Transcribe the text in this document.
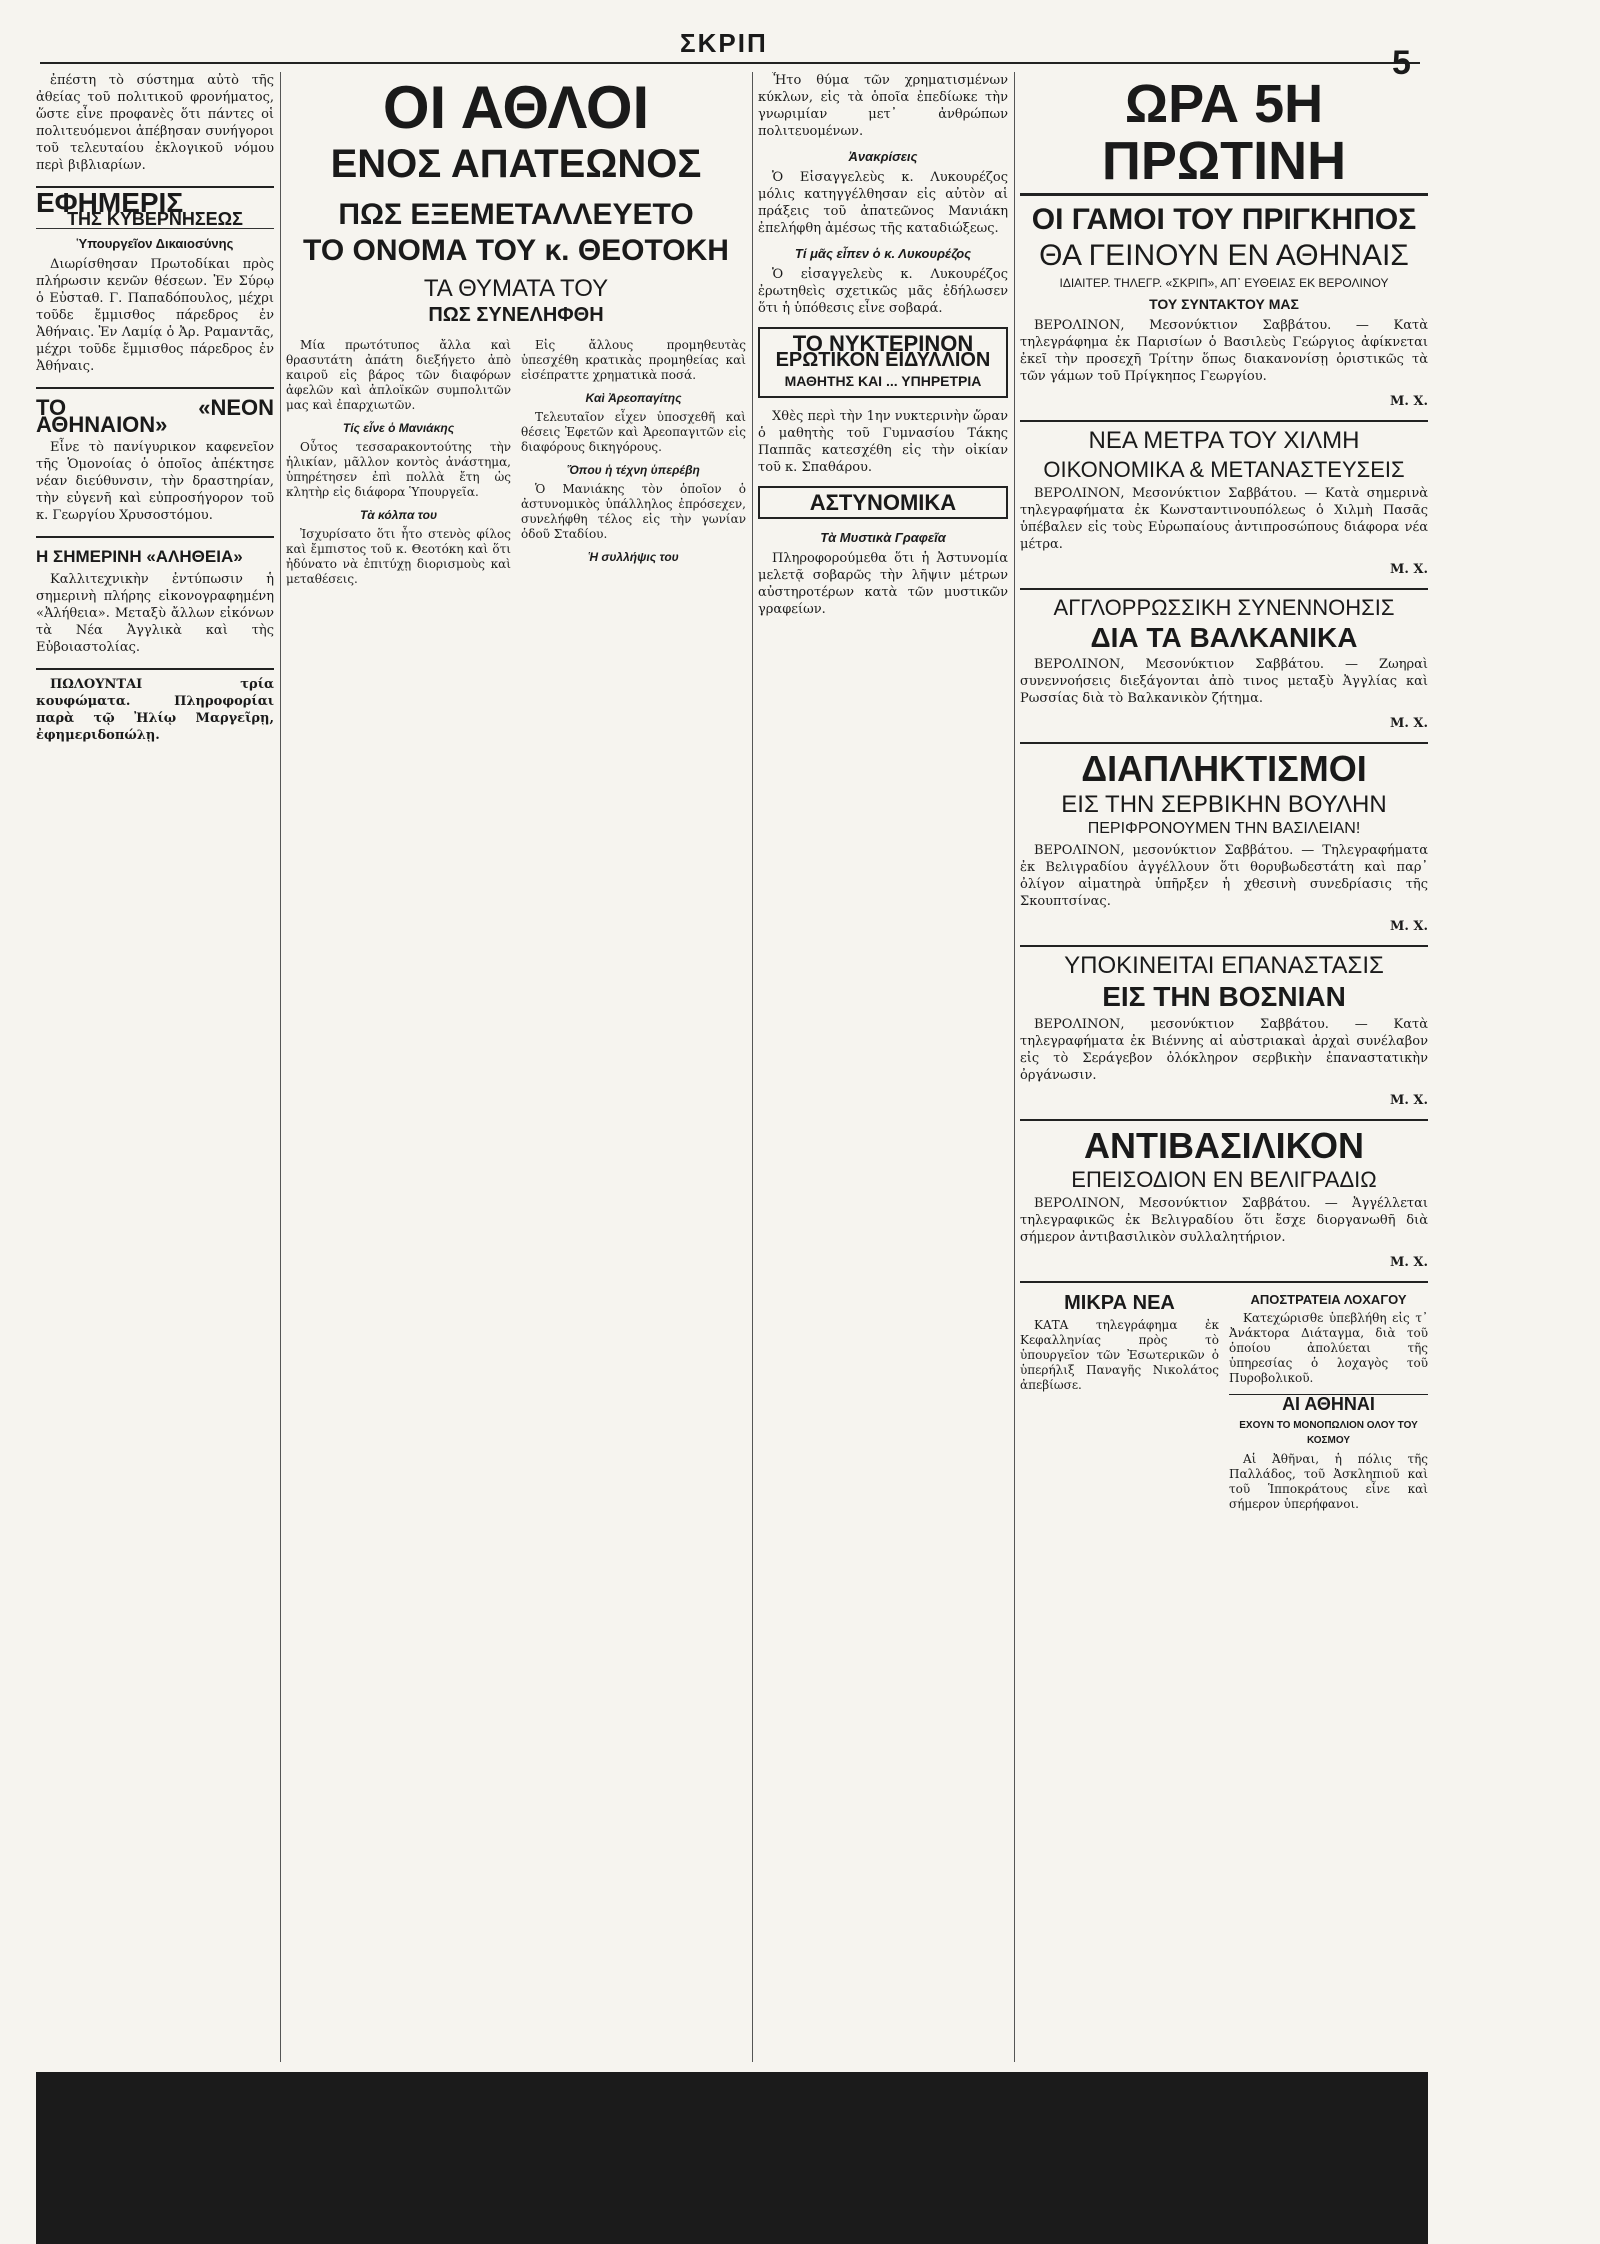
ΣΚΡΙΠ
5

ἐπέστη τὸ σύστημα αὐτὸ τῆς ἀθείας τοῦ πολιτικοῦ φρονήματος, ὥστε εἶνε προφανὲς ὅτι πάντες οἱ πολιτευόμενοι ἀπέβησαν συνήγοροι τοῦ τελευταίου ἐκλογικοῦ νόμου περὶ βιβλιαρίων.

ΕΦΗΜΕΡΙΣ
ΤΗΣ ΚΥΒΕΡΝΗΣΕΩΣ
Ὑπουργεῖον Δικαιοσύνης

Διωρίσθησαν Πρωτοδίκαι πρὸς πλήρωσιν κενῶν θέσεων. Ἐν Σύρῳ ὁ Εὐσταθ. Γ. Παπαδόπουλος, μέχρι τοῦδε ἔμμισθος πάρεδρος ἐν Ἀθήναις. Ἐν Λαμίᾳ ὁ Ἀρ. Ραμαντᾶς, μέχρι τοῦδε ἔμμισθος πάρεδρος ἐν Ἀθήναις.

ΤΟ «ΝΕΟΝ ΑΘΗΝΑΙΟΝ»

Εἶνε τὸ πανίγυρικον καφενεῖον τῆς Ὁμονοίας ὁ ὁποῖος ἀπέκτησε νέαν διεύθυνσιν, τὴν δραστηρίαν, τὴν εὐγενῆ καὶ εὐπροσήγορον τοῦ κ. Γεωργίου Χρυσοστόμου.

Η ΣΗΜΕΡΙΝΗ «ΑΛΗΘΕΙΑ»

Καλλιτεχνικὴν ἐντύπωσιν ἡ σημερινὴ πλήρης εἰκονογραφημένη «Ἀλήθεια». Μεταξὺ ἄλλων εἰκόνων τὰ Νέα Ἀγγλικὰ καὶ τὴς Εὐβοιαστολίας.

ΠΩΛΟΥΝΤΑΙ τρία κουφώματα. Πληροφορίαι παρὰ τῷ Ἠλίῳ Μαργεῖρῃ, ἐφημεριδοπώλῃ.

ΟΙ ΑΘΛΟΙ
ΕΝΟΣ ΑΠΑΤΕΩΝΟΣ
ΠΩΣ ΕΞΕΜΕΤΑΛΛΕΥΕΤΟ
ΤΟ ΟΝΟΜΑ ΤΟΥ κ. ΘΕΟΤΟΚΗ
ΤΑ ΘΥΜΑΤΑ ΤΟΥ
ΠΩΣ ΣΥΝΕΛΗΦΘΗ

Μία πρωτότυπος ἄλλα καὶ θρασυτάτη ἀπάτη διεξήγετο ἀπὸ καιροῦ εἰς βάρος τῶν διαφόρων ἀφελῶν καὶ ἀπλοϊκῶν συμπολιτῶν μας καὶ ἐπαρχιωτῶν.

Τίς εἶνε ὁ Μανιάκης

Οὗτος τεσσαρακοντούτης τὴν ἡλικίαν, μᾶλλον κοντὸς ἀνάστημα, ὑπηρέτησεν ἐπὶ πολλὰ ἔτη ὡς κλητὴρ εἰς διάφορα Ὑπουργεῖα.

Τὰ κόλπα του

Ἰσχυρίσατο ὅτι ἦτο στενὸς φίλος καὶ ἔμπιστος τοῦ κ. Θεοτόκη καὶ ὅτι ἠδύνατο νὰ ἐπιτύχῃ διορισμοὺς καὶ μεταθέσεις.

Εἰς ἄλλους προμηθευτὰς ὑπεσχέθη κρατικὰς προμηθείας καὶ εἰσέπραττε χρηματικὰ ποσά.

Καὶ Ἀρεοπαγίτης

Τελευταῖον εἶχεν ὑποσχεθῆ καὶ θέσεις Ἐφετῶν καὶ Ἀρεοπαγιτῶν εἰς διαφόρους δικηγόρους.

Ὅπου ἡ τέχνη ὑπερέβη

Ὁ Μανιάκης τὸν ὁποῖον ὁ ἀστυνομικὸς ὑπάλληλος ἐπρόσεχεν, συνελήφθη τέλος εἰς τὴν γωνίαν ὁδοῦ Σταδίου.

Ἡ συλλήψις του

Ἦτο θύμα τῶν χρηματισμένων κύκλων, εἰς τὰ ὁποῖα ἐπεδίωκε τὴν γνωριμίαν μετ᾽ ἀνθρώπων πολιτευομένων.

Ἀνακρίσεις

Ὁ Εἰσαγγελεὺς κ. Λυκουρέζος μόλις κατηγγέλθησαν εἰς αὐτὸν αἱ πράξεις τοῦ ἀπατεῶνος Μανιάκη ἐπελήφθη ἀμέσως τῆς καταδιώξεως.

Τί μᾶς εἶπεν ὁ κ. Λυκουρέζος

Ὁ εἰσαγγελεὺς κ. Λυκουρέζος ἐρωτηθεὶς σχετικῶς μᾶς ἐδήλωσεν ὅτι ἡ ὑπόθεσις εἶνε σοβαρά.

ΤΟ ΝΥΚΤΕΡΙΝΟΝ
ΕΡΩΤΙΚΟΝ ΕΙΔΥΛΛΙΟΝ
ΜΑΘΗΤΗΣ ΚΑΙ ... ΥΠΗΡΕΤΡΙΑ

Χθὲς περὶ τὴν 1ην νυκτερινὴν ὥραν ὁ μαθητὴς τοῦ Γυμνασίου Τάκης Παππᾶς κατεσχέθη εἰς τὴν οἰκίαν τοῦ κ. Σπαθάρου.

ΑΣΤΥΝΟΜΙΚΑ
Τὰ Μυστικὰ Γραφεῖα

Πληροφορούμεθα ὅτι ἡ Ἀστυνομία μελετᾷ σοβαρῶς τὴν λῆψιν μέτρων αὐστηροτέρων κατὰ τῶν μυστικῶν γραφείων.

ΩΡΑ 5Η ΠΡΩΤΙΝΗ
ΟΙ ΓΑΜΟΙ ΤΟΥ ΠΡΙΓΚΗΠΟΣ
ΘΑ ΓΕΙΝΟΥΝ ΕΝ ΑΘΗΝΑΙΣ
ΙΔΙΑΙΤΕΡ. ΤΗΛΕΓΡ. «ΣΚΡΙΠ», ΑΠ᾽ ΕΥΘΕΙΑΣ ΕΚ ΒΕΡΟΛΙΝΟΥ
ΤΟΥ ΣΥΝΤΑΚΤΟΥ ΜΑΣ

ΒΕΡΟΛΙΝΟΝ, Μεσονύκτιον Σαββάτου. — Κατὰ τηλεγράφημα ἐκ Παρισίων ὁ Βασιλεὺς Γεώργιος ἀφίκνεται ἐκεῖ τὴν προσεχῆ Τρίτην ὅπως διακανονίσῃ ὁριστικῶς τὰ τῶν γάμων τοῦ Πρίγκηπος Γεωργίου.

Μ. Χ.
ΝΕΑ ΜΕΤΡΑ ΤΟΥ ΧΙΛΜΗ
ΟΙΚΟΝΟΜΙΚΑ & ΜΕΤΑΝΑΣΤΕΥΣΕΙΣ

ΒΕΡΟΛΙΝΟΝ, Μεσονύκτιον Σαββάτου. — Κατὰ σημερινὰ τηλεγραφήματα ἐκ Κωνσταντινουπόλεως ὁ Χιλμὴ Πασᾶς ὑπέβαλεν εἰς τοὺς Εὐρωπαίους ἀντιπροσώπους διάφορα νέα μέτρα.

Μ. Χ.
ΑΓΓΛΟΡΡΩΣΣΙΚΗ ΣΥΝΕΝΝΟΗΣΙΣ
ΔΙΑ ΤΑ ΒΑΛΚΑΝΙΚΑ

ΒΕΡΟΛΙΝΟΝ, Μεσονύκτιον Σαββάτου. — Ζωηραὶ συνεννοήσεις διεξάγονται ἀπὸ τινος μεταξὺ Ἀγγλίας καὶ Ρωσσίας διὰ τὸ Βαλκανικὸν ζήτημα.

Μ. Χ.
ΔΙΑΠΛΗΚΤΙΣΜΟΙ
ΕΙΣ ΤΗΝ ΣΕΡΒΙΚΗΝ ΒΟΥΛΗΝ
ΠΕΡΙΦΡΟΝΟΥΜΕΝ ΤΗΝ ΒΑΣΙΛΕΙΑΝ!

ΒΕΡΟΛΙΝΟΝ, μεσονύκτιον Σαββάτου. — Τηλεγραφήματα ἐκ Βελιγραδίου ἀγγέλλουν ὅτι θορυβωδεστάτη καὶ παρ᾽ ὀλίγον αἱματηρὰ ὑπῆρξεν ἡ χθεσινὴ συνεδρίασις τῆς Σκουπτσίνας.

Μ. Χ.
ΥΠΟΚΙΝΕΙΤΑΙ ΕΠΑΝΑΣΤΑΣΙΣ
ΕΙΣ ΤΗΝ ΒΟΣΝΙΑΝ

ΒΕΡΟΛΙΝΟΝ, μεσονύκτιον Σαββάτου. — Κατὰ τηλεγραφήματα ἐκ Βιέννης αἱ αὐστριακαὶ ἀρχαὶ συνέλαβον εἰς τὸ Σεράγεβον ὀλόκληρον σερβικὴν ἐπαναστατικὴν ὀργάνωσιν.

Μ. Χ.
ΑΝΤΙΒΑΣΙΛΙΚΟΝ
ΕΠΕΙΣΟΔΙΟΝ ΕΝ ΒΕΛΙΓΡΑΔΙΩ

ΒΕΡΟΛΙΝΟΝ, Μεσονύκτιον Σαββάτου. — Ἀγγέλλεται τηλεγραφικῶς ἐκ Βελιγραδίου ὅτι ἔσχε διοργανωθῆ διὰ σήμερον ἀντιβασιλικὸν συλλαλητήριον.

Μ. Χ.
ΜΙΚΡΑ ΝΕΑ

ΚΑΤΑ τηλεγράφημα ἐκ Κεφαλληνίας πρὸς τὸ ὑπουργεῖον τῶν Ἐσωτερικῶν ὁ ὑπερήλιξ Παναγῆς Νικολάτος ἀπεβίωσε.

ΑΠΟΣΤΡΑΤΕΙΑ ΛΟΧΑΓΟΥ

Κατεχώρισθε ὑπεβλήθη εἰς τ᾽ Ἀνάκτορα Διάταγμα, διὰ τοῦ ὁποίου ἀπολύεται τῆς ὑπηρεσίας ὁ λοχαγὸς τοῦ Πυροβολικοῦ.

ΑΙ ΑΘΗΝΑΙ
ΕΧΟΥΝ ΤΟ ΜΟΝΟΠΩΛΙΟΝ ΟΛΟΥ ΤΟΥ ΚΟΣΜΟΥ

Αἱ Ἀθῆναι, ἡ πόλις τῆς Παλλάδος, τοῦ Ἀσκληπιοῦ καὶ τοῦ Ἱπποκράτους εἶνε καὶ σήμερον ὑπερήφανοι.
